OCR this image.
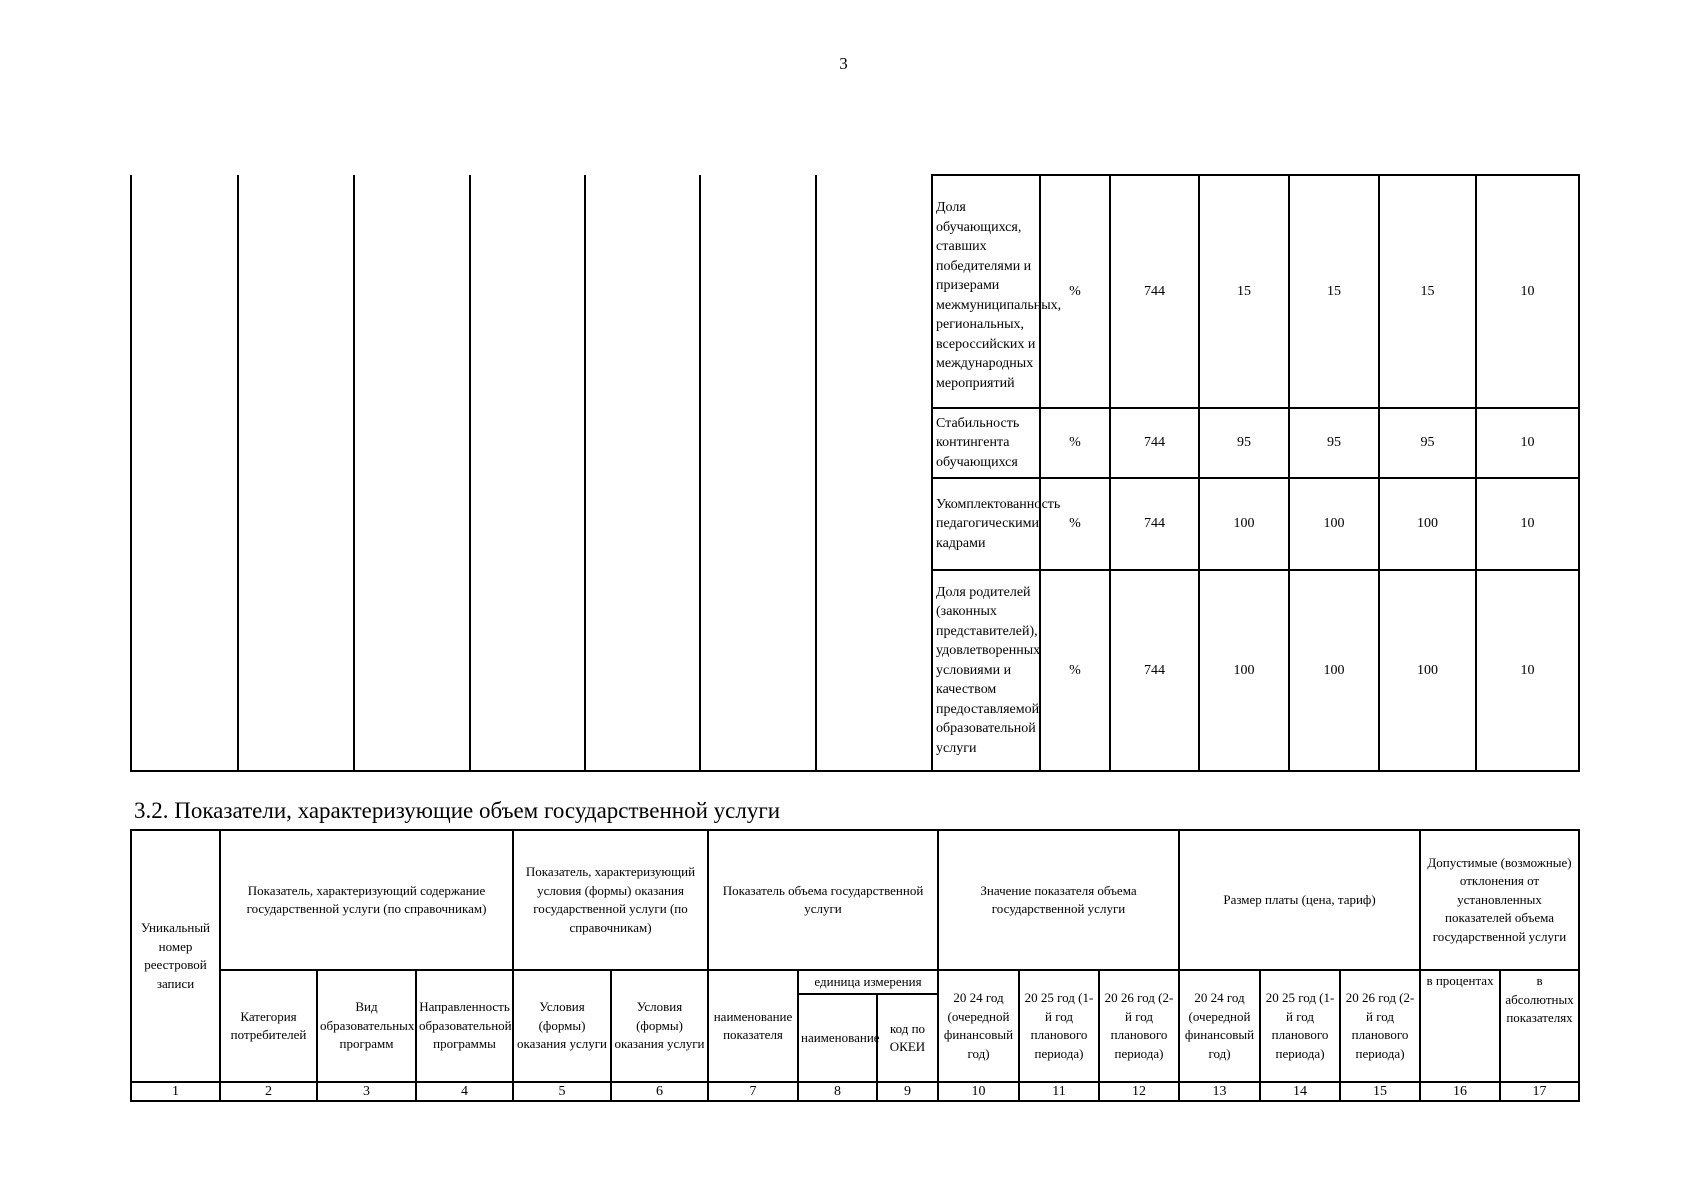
3
							Доля обучающихся, ставших победителями и призерами межмуниципальных, региональных, всероссийских и международных мероприятий	%	744	15	15	15	10	
							Стабильность контингента обучающихся	%	744	95	95	95	10	
							Укомплектованность педагогическими кадрами	%	744	100	100	100	10	
							Доля родителей (законных представителей), удовлетворенных условиями и качеством предоставляемой образовательной услуги	%	744	100	100	100	10	
3.2. Показатели, характеризующие объем государственной услуги
Уникальный номер реестровой записи	Показатель, характеризующий содержание государственной услуги (по справочникам)			Показатель, характеризующий условия (формы) оказания государственной услуги (по справочникам)		Показатель объема государственной услуги			Значение показателя объема государственной услуги			Размер платы (цена, тариф)			Допустимые (возможные) отклонения от установленных показателей объема государственной услуги	
	Категория потребителей	Вид образовательных программ	Направленность образовательной программы	Условия (формы) оказания услуги	Условия (формы) оказания услуги	наименование показателя	единица измерения		20 24 год (очередной финансовый год)	20 25 год (1-й год планового периода)	20 26 год (2-й год планового периода)	20 24 год (очередной финансовый год)	20 25 год (1-й год планового периода)	20 26 год (2-й год планового периода)	в процентах	в абсолютных показателях
							наименование	код по ОКЕИ								
1	2	3	4	5	6	7	8	9	10	11	12	13	14	15	16	17
